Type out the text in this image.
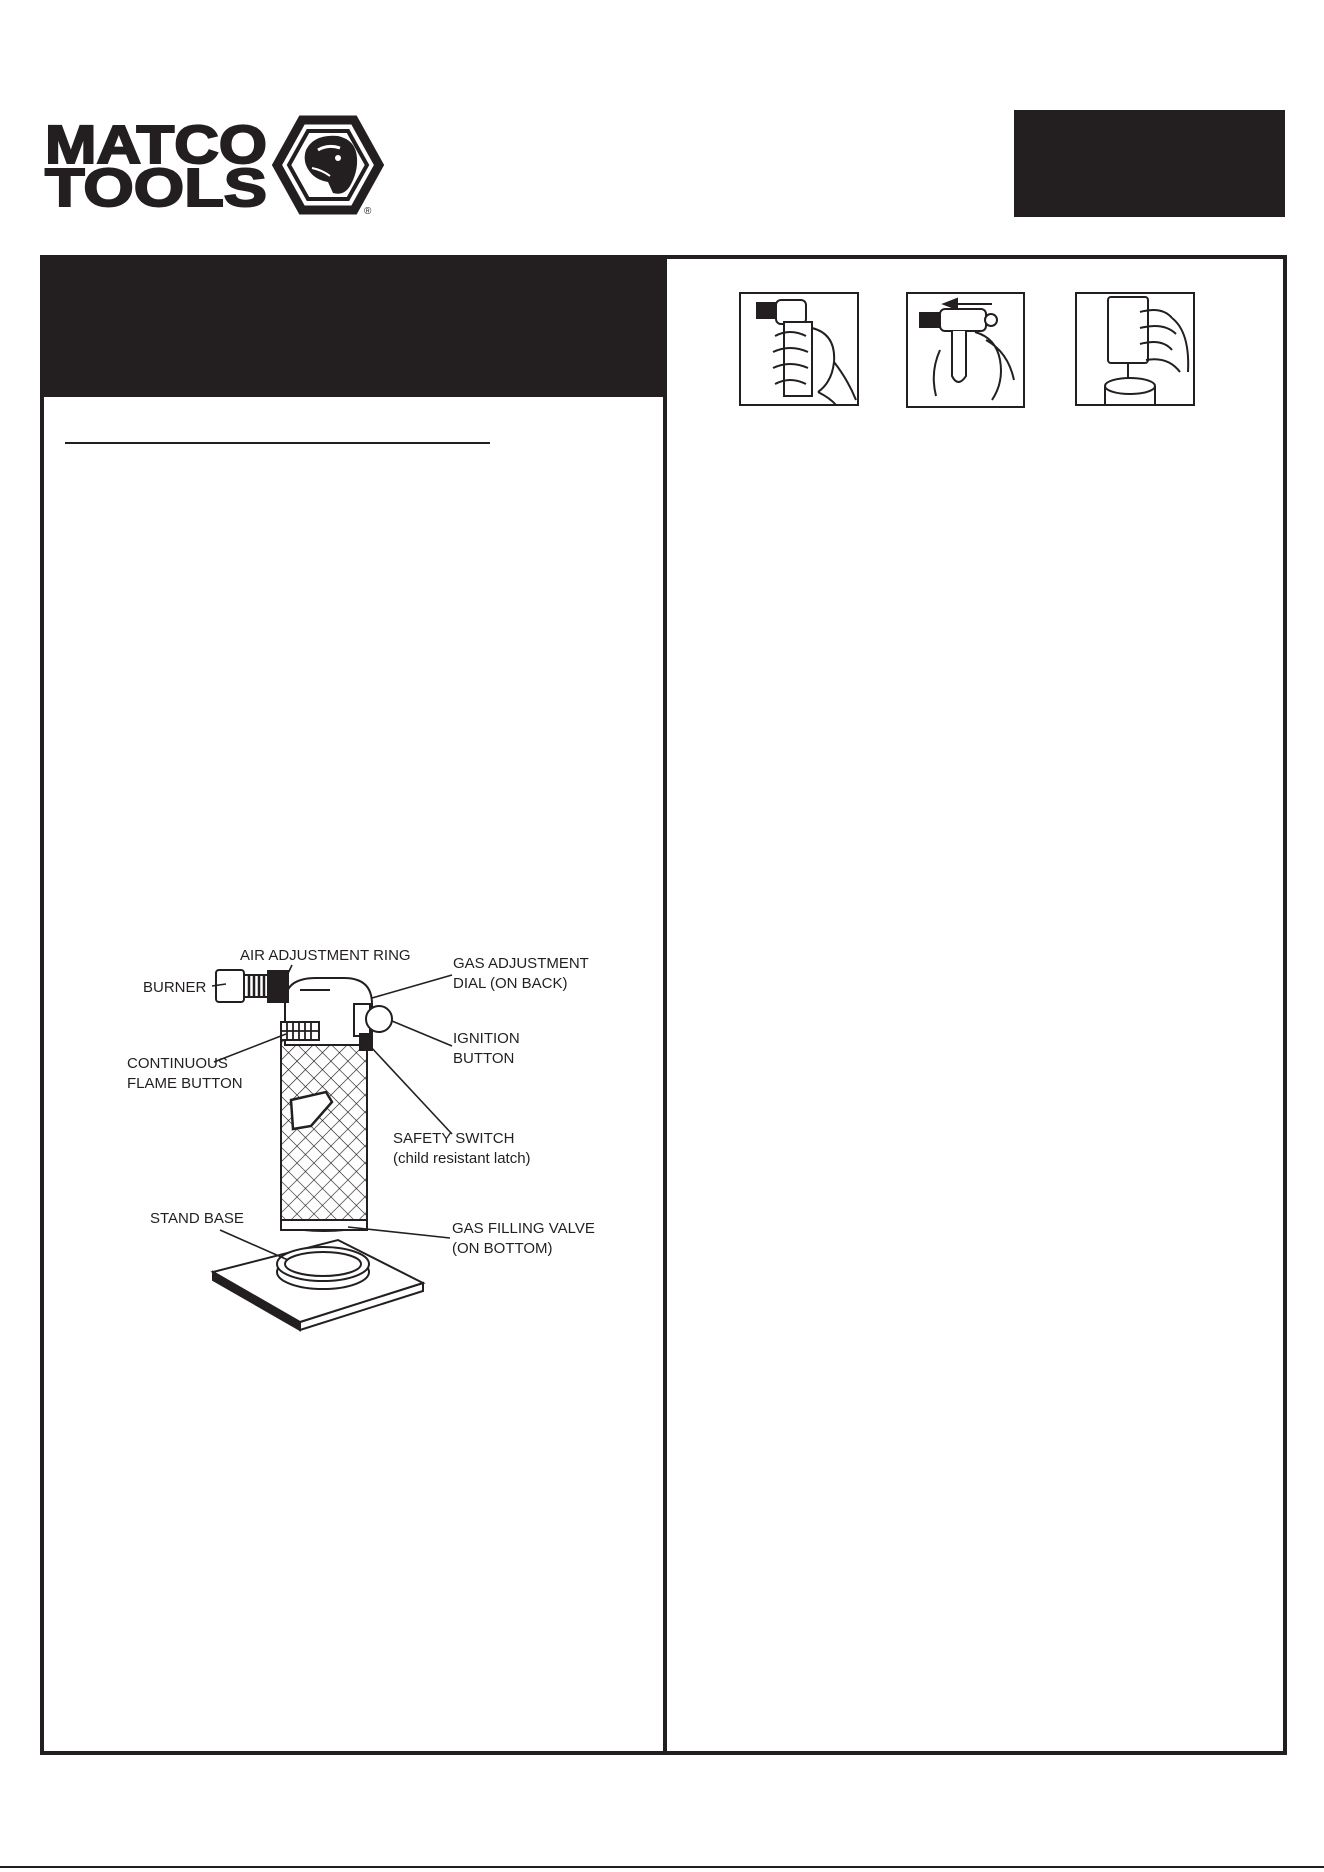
MATCO
TOOLS	®
AIR ADJUSTMENT RING
BURNER
GAS ADJUSTMENT
DIAL (ON BACK)
IGNITION
BUTTON
CONTINUOUS
FLAME BUTTON
SAFETY SWITCH
(child resistant latch)
STAND BASE
GAS FILLING VALVE
(ON BOTTOM)
